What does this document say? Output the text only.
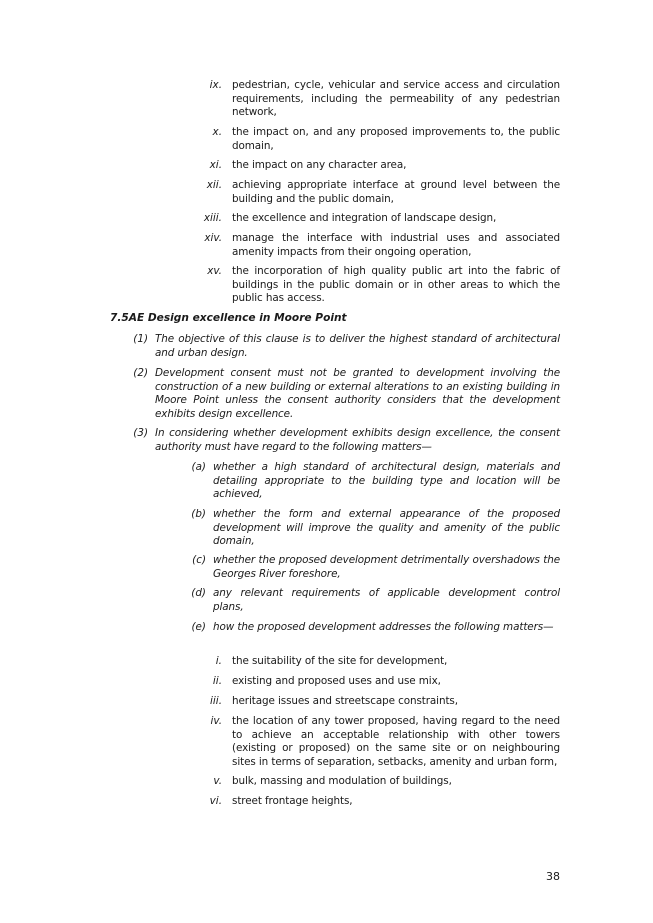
ix. pedestrian, cycle, vehicular and service access and circulation requirements, including the permeability of any pedestrian network,
x. the impact on, and any proposed improvements to, the public domain,
xi. the impact on any character area,
xii. achieving appropriate interface at ground level between the building and the public domain,
xiii. the excellence and integration of landscape design,
xiv. manage the interface with industrial uses and associated amenity impacts from their ongoing operation,
xv. the incorporation of high quality public art into the fabric of buildings in the public domain or in other areas to which the public has access.
7.5AE Design excellence in Moore Point
(1) The objective of this clause is to deliver the highest standard of architectural and urban design.
(2) Development consent must not be granted to development involving the construction of a new building or external alterations to an existing building in Moore Point unless the consent authority considers that the development exhibits design excellence.
(3) In considering whether development exhibits design excellence, the consent authority must have regard to the following matters—
(a) whether a high standard of architectural design, materials and detailing appropriate to the building type and location will be achieved,
(b) whether the form and external appearance of the proposed development will improve the quality and amenity of the public domain,
(c) whether the proposed development detrimentally overshadows the Georges River foreshore,
(d) any relevant requirements of applicable development control plans,
(e) how the proposed development addresses the following matters—
i. the suitability of the site for development,
ii. existing and proposed uses and use mix,
iii. heritage issues and streetscape constraints,
iv. the location of any tower proposed, having regard to the need to achieve an acceptable relationship with other towers (existing or proposed) on the same site or on neighbouring sites in terms of separation, setbacks, amenity and urban form,
v. bulk, massing and modulation of buildings,
vi. street frontage heights,
38
